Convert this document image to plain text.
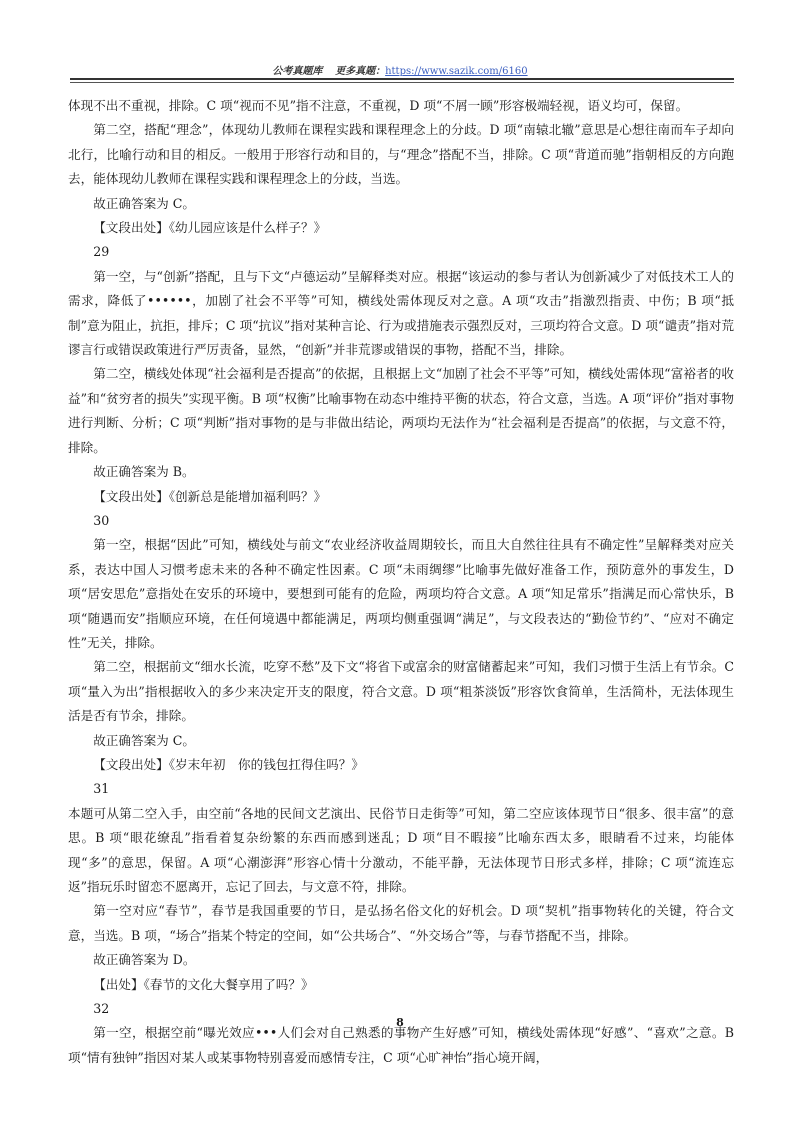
公考真题库 更多真题：https://www.sazik.com/6160

体现不出不重视，排除。C 项“视而不见”指不注意，不重视，D 项“不屑一顾”形容极端轻视，语义均可，保留。

第二空，搭配“理念”，体现幼儿教师在课程实践和课程理念上的分歧。D 项“南辕北辙”意思是心想往南而车子却向北行，比喻行动和目的相反。一般用于形容行动和目的，与“理念”搭配不当，排除。C 项“背道而驰”指朝相反的方向跑去，能体现幼儿教师在课程实践和课程理念上的分歧，当选。

故正确答案为 C。

【文段出处】《幼儿园应该是什么样子？》

29

第一空，与“创新”搭配，且与下文“卢德运动”呈解释类对应。根据“该运动的参与者认为创新减少了对低技术工人的需求，降低了••••••，加剧了社会不平等”可知，横线处需体现反对之意。A 项“攻击”指激烈指责、中伤；B 项“抵制”意为阻止，抗拒，排斥；C 项“抗议”指对某种言论、行为或措施表示强烈反对，三项均符合文意。D 项“谴责”指对荒谬言行或错误政策进行严厉责备，显然，“创新”并非荒谬或错误的事物，搭配不当，排除。

第二空，横线处体现“社会福利是否提高”的依据，且根据上文“加剧了社会不平等”可知，横线处需体现“富裕者的收益”和“贫穷者的损失”实现平衡。B 项“权衡”比喻事物在动态中维持平衡的状态，符合文意，当选。A 项“评价”指对事物进行判断、分析；C 项“判断”指对事物的是与非做出结论，两项均无法作为“社会福利是否提高”的依据，与文意不符，排除。

故正确答案为 B。

【文段出处】《创新总是能增加福利吗？》

30

第一空，根据“因此”可知，横线处与前文“农业经济收益周期较长，而且大自然往往具有不确定性”呈解释类对应关系，表达中国人习惯考虑未来的各种不确定性因素。C 项“未雨绸缪”比喻事先做好准备工作，预防意外的事发生，D 项“居安思危”意指处在安乐的环境中，要想到可能有的危险，两项均符合文意。A 项“知足常乐”指满足而心常快乐，B 项“随遇而安”指顺应环境，在任何境遇中都能满足，两项均侧重强调“满足”，与文段表达的“勤俭节约”、“应对不确定性”无关，排除。

第二空，根据前文“细水长流，吃穿不愁”及下文“将省下或富余的财富储蓄起来”可知，我们习惯于生活上有节余。C 项“量入为出”指根据收入的多少来决定开支的限度，符合文意。D 项“粗茶淡饭”形容饮食简单，生活简朴，无法体现生活是否有节余，排除。

故正确答案为 C。

【文段出处】《岁末年初　你的钱包扛得住吗？》

31

本题可从第二空入手，由空前“各地的民间文艺演出、民俗节日走街等”可知，第二空应该体现节日“很多、很丰富”的意思。B 项“眼花缭乱”指看着复杂纷繁的东西而感到迷乱；D 项“目不暇接”比喻东西太多，眼睛看不过来，均能体现“多”的意思，保留。A 项“心潮澎湃”形容心情十分激动，不能平静，无法体现节日形式多样，排除；C 项“流连忘返”指玩乐时留恋不愿离开，忘记了回去，与文意不符，排除。

第一空对应“春节”，春节是我国重要的节日，是弘扬名俗文化的好机会。D 项“契机”指事物转化的关键，符合文意，当选。B 项，“场合”指某个特定的空间，如“公共场合”、“外交场合”等，与春节搭配不当，排除。

故正确答案为 D。

【出处】《春节的文化大餐享用了吗？》

32

第一空，根据空前“曝光效应•••人们会对自己熟悉的事物产生好感”可知，横线处需体现“好感”、“喜欢”之意。B 项“情有独钟”指因对某人或某事物特别喜爱而感情专注，C 项“心旷神怡”指心境开阔，

8
